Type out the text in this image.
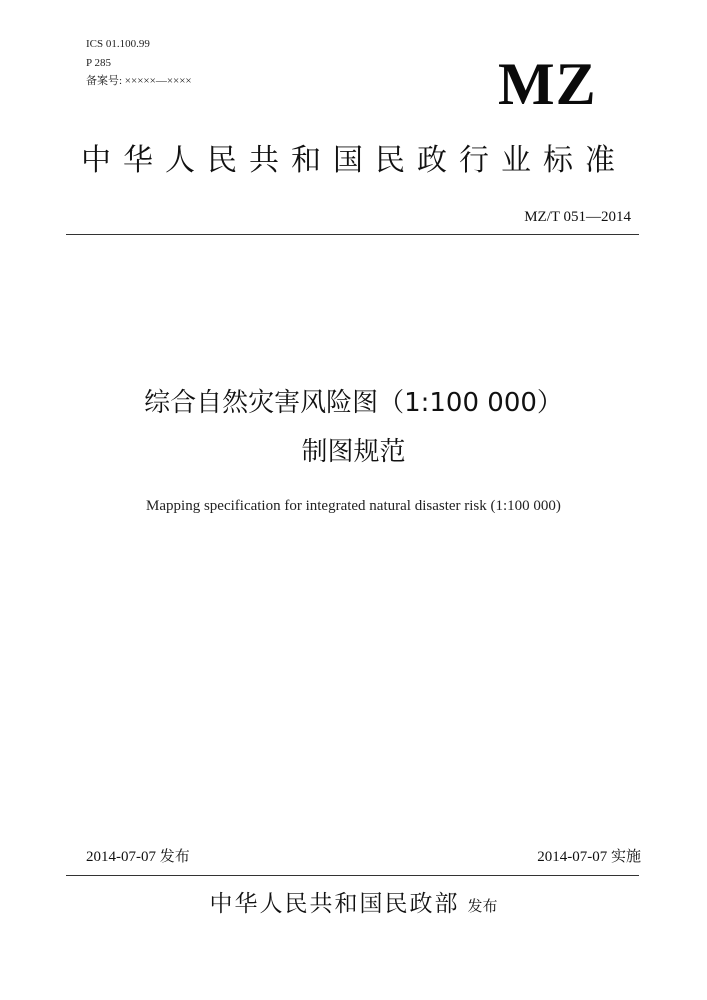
ICS 01.100.99
P 285
备案号: ×××××—××××	MZ
中华人民共和国民政行业标准
MZ/T 051—2014
综合自然灾害风险图（1:100 000）
制图规范
Mapping specification for integrated natural disaster risk (1:100 000)
2014-07-07 发布	2014-07-07 实施
中华人民共和国民政部 发布
